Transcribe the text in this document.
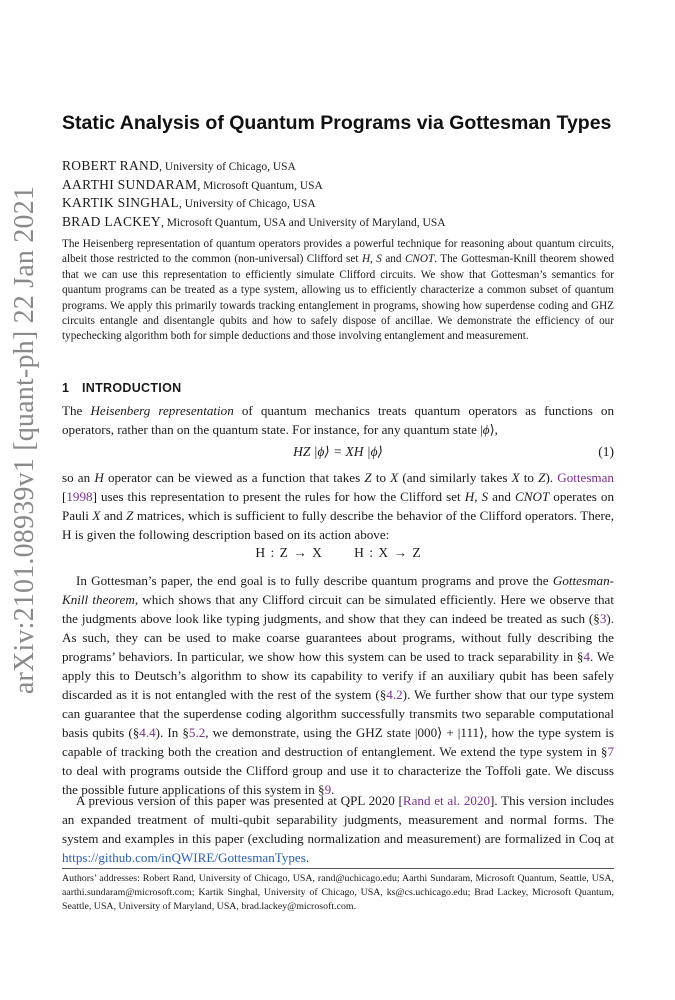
arXiv:2101.08939v1 [quant-ph] 22 Jan 2021
Static Analysis of Quantum Programs via Gottesman Types
ROBERT RAND, University of Chicago, USA
AARTHI SUNDARAM, Microsoft Quantum, USA
KARTIK SINGHAL, University of Chicago, USA
BRAD LACKEY, Microsoft Quantum, USA and University of Maryland, USA
The Heisenberg representation of quantum operators provides a powerful technique for reasoning about quantum circuits, albeit those restricted to the common (non-universal) Clifford set H, S and CNOT. The Gottesman-Knill theorem showed that we can use this representation to efficiently simulate Clifford circuits. We show that Gottesman’s semantics for quantum programs can be treated as a type system, allowing us to efficiently characterize a common subset of quantum programs. We apply this primarily towards tracking entanglement in programs, showing how superdense coding and GHZ circuits entangle and disentangle qubits and how to safely dispose of ancillae. We demonstrate the efficiency of our typechecking algorithm both for simple deductions and those involving entanglement and measurement.
1 INTRODUCTION
The Heisenberg representation of quantum mechanics treats quantum operators as functions on operators, rather than on the quantum state. For instance, for any quantum state |ϕ⟩,
HZ |ϕ⟩ = XH |ϕ⟩	(1)
so an H operator can be viewed as a function that takes Z to X (and similarly takes X to Z). Gottesman [1998] uses this representation to present the rules for how the Clifford set H, S and CNOT operates on Pauli X and Z matrices, which is sufficient to fully describe the behavior of the Clifford operators. There, H is given the following description based on its action above:
H : Z → X      H : X → Z
In Gottesman’s paper, the end goal is to fully describe quantum programs and prove the Gottesman-Knill theorem, which shows that any Clifford circuit can be simulated efficiently. Here we observe that the judgments above look like typing judgments, and show that they can indeed be treated as such (§3). As such, they can be used to make coarse guarantees about programs, without fully describing the programs’ behaviors. In particular, we show how this system can be used to track separability in §4. We apply this to Deutsch’s algorithm to show its capability to verify if an auxiliary qubit has been safely discarded as it is not entangled with the rest of the system (§4.2). We further show that our type system can guarantee that the superdense coding algorithm successfully transmits two separable computational basis qubits (§4.4). In §5.2, we demonstrate, using the GHZ state |000⟩ + |111⟩, how the type system is capable of tracking both the creation and destruction of entanglement. We extend the type system in §7 to deal with programs outside the Clifford group and use it to characterize the Toffoli gate. We discuss the possible future applications of this system in §9.
A previous version of this paper was presented at QPL 2020 [Rand et al. 2020]. This version includes an expanded treatment of multi-qubit separability judgments, measurement and normal forms. The system and examples in this paper (excluding normalization and measurement) are formalized in Coq at https://github.com/inQWIRE/GottesmanTypes.
Authors’ addresses: Robert Rand, University of Chicago, USA, rand@uchicago.edu; Aarthi Sundaram, Microsoft Quantum, Seattle, USA, aarthi.sundaram@microsoft.com; Kartik Singhal, University of Chicago, USA, ks@cs.uchicago.edu; Brad Lackey, Microsoft Quantum, Seattle, USA, University of Maryland, USA, brad.lackey@microsoft.com.
